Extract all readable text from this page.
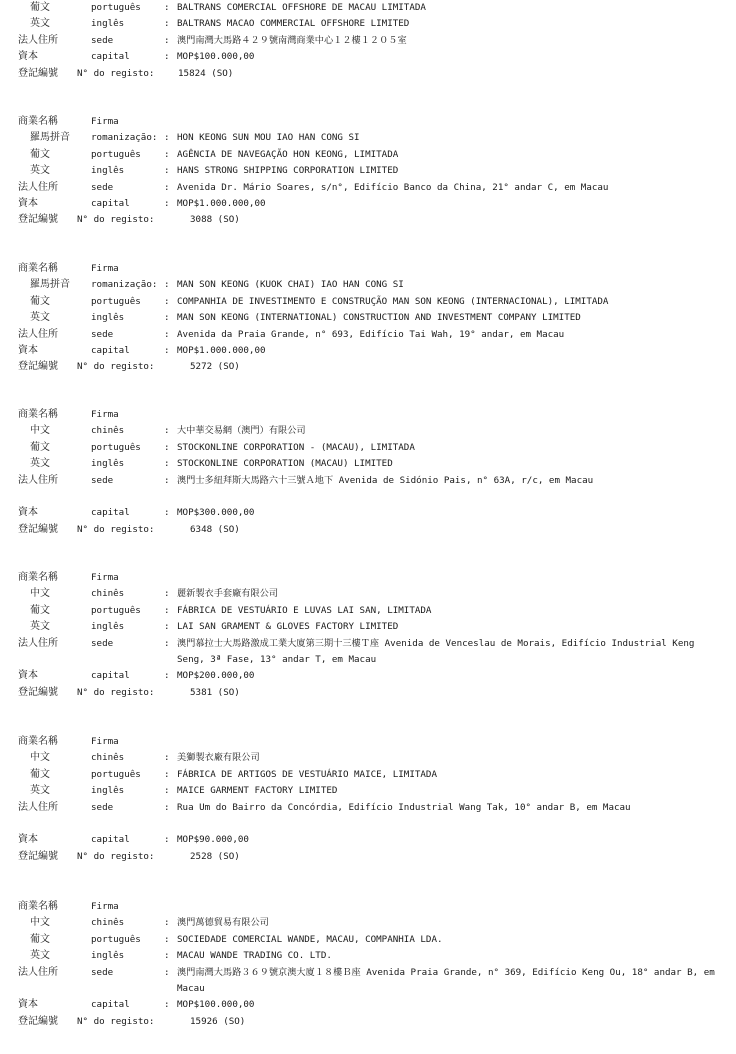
葡文	português	: BALTRANS COMERCIAL OFFSHORE DE MACAU LIMITADA
英文	inglês	: BALTRANS MACAO COMMERCIAL OFFSHORE LIMITED
法人住所	sede	: 澳門南灣大馬路４２９號南灣商業中心１２樓１２０５室
資本	capital	: MOP$100.000,00
登記編號 N° do registo:	15824 (SO)
商業名稱	Firma
羅馬拼音 romanização: : HON KEONG SUN MOU IAO HAN CONG SI
葡文	português	: AGÊNCIA DE NAVEGAÇÃO HON KEONG, LIMITADA
英文	inglês	: HANS STRONG SHIPPING CORPORATION LIMITED
法人住所	sede	: Avenida Dr. Mário Soares, s/n°, Edifício Banco da China, 21° andar C, em Macau
資本	capital	: MOP$1.000.000,00
登記編號 N° do registo:	3088 (SO)
商業名稱	Firma
羅馬拼音 romanização: : MAN SON KEONG (KUOK CHAI) IAO HAN CONG SI
葡文	português	: COMPANHIA DE INVESTIMENTO E CONSTRUÇÃO MAN SON KEONG (INTERNACIONAL), LIMITADA
英文	inglês	: MAN SON KEONG (INTERNATIONAL) CONSTRUCTION AND INVESTMENT COMPANY LIMITED
法人住所	sede	: Avenida da Praia Grande, n° 693, Edifício Tai Wah, 19° andar, em Macau
資本	capital	: MOP$1.000.000,00
登記編號 N° do registo:	5272 (SO)
商業名稱	Firma
中文	chinês	: 大中華交易網（澳門）有限公司
葡文	português	: STOCKONLINE CORPORATION - (MACAU), LIMITADA
英文	inglês	: STOCKONLINE CORPORATION (MACAU) LIMITED
法人住所	sede	: 澳門士多紐拜斯大馬路六十三號Ａ地下 Avenida de Sidónio Pais, n° 63A, r/c, em Macau
資本	capital	: MOP$300.000,00
登記編號 N° do registo:	6348 (SO)
商業名稱	Firma
中文	chinês	: 麗新製衣手套廠有限公司
葡文	português	: FÁBRICA DE VESTUÁRIO E LUVAS LAI SAN, LIMITADA
英文	inglês	: LAI SAN GRAMENT & GLOVES FACTORY LIMITED
法人住所	sede	: 澳門慕拉士大馬路激成工業大廈第三期十三樓Ｔ座 Avenida de Venceslau de Morais, Edifício Industrial Keng Seng, 3ª Fase, 13° andar T, em Macau
資本	capital	: MOP$200.000,00
登記編號 N° do registo:	5381 (SO)
商業名稱	Firma
中文	chinês	: 美獅製衣廠有限公司
葡文	português	: FÁBRICA DE ARTIGOS DE VESTUÁRIO MAICE, LIMITADA
英文	inglês	: MAICE GARMENT FACTORY LIMITED
法人住所	sede	: Rua Um do Bairro da Concórdia, Edifício Industrial Wang Tak, 10° andar B, em Macau
資本	capital	: MOP$90.000,00
登記編號 N° do registo:	2528 (SO)
商業名稱	Firma
中文	chinês	: 澳門萬德貿易有限公司
葡文	português	: SOCIEDADE COMERCIAL WANDE, MACAU, COMPANHIA LDA.
英文	inglês	: MACAU WANDE TRADING CO. LTD.
法人住所	sede	: 澳門南灣大馬路３６９號京澳大廈１８樓Ｂ座 Avenida Praia Grande, n° 369, Edifício Keng Ou, 18° andar B, em Macau
資本	capital	: MOP$100.000,00
登記編號 N° do registo:	15926 (SO)
